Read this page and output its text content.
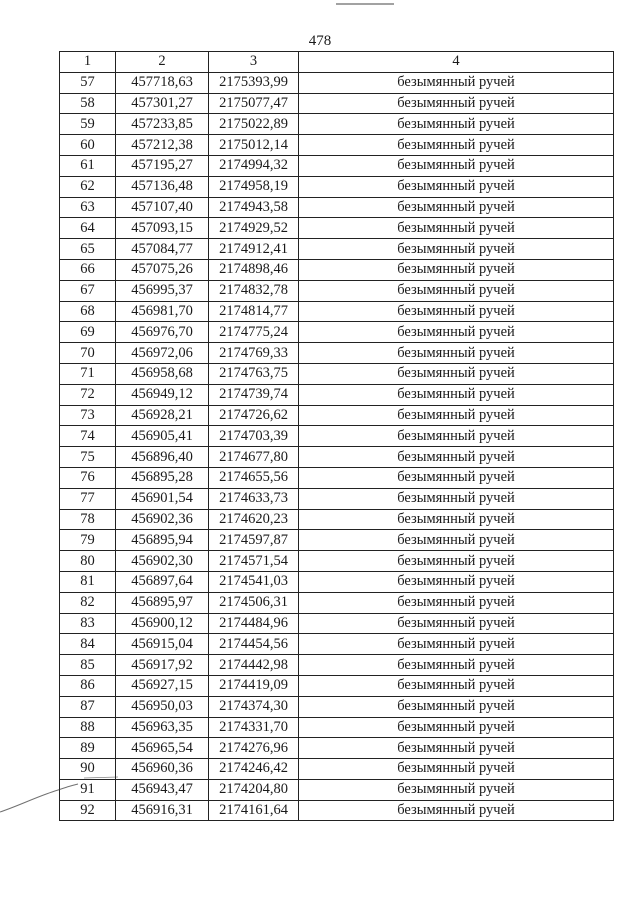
478
1	2	3	4
57	457718,63	2175393,99	безымянный ручей
58	457301,27	2175077,47	безымянный ручей
59	457233,85	2175022,89	безымянный ручей
60	457212,38	2175012,14	безымянный ручей
61	457195,27	2174994,32	безымянный ручей
62	457136,48	2174958,19	безымянный ручей
63	457107,40	2174943,58	безымянный ручей
64	457093,15	2174929,52	безымянный ручей
65	457084,77	2174912,41	безымянный ручей
66	457075,26	2174898,46	безымянный ручей
67	456995,37	2174832,78	безымянный ручей
68	456981,70	2174814,77	безымянный ручей
69	456976,70	2174775,24	безымянный ручей
70	456972,06	2174769,33	безымянный ручей
71	456958,68	2174763,75	безымянный ручей
72	456949,12	2174739,74	безымянный ручей
73	456928,21	2174726,62	безымянный ручей
74	456905,41	2174703,39	безымянный ручей
75	456896,40	2174677,80	безымянный ручей
76	456895,28	2174655,56	безымянный ручей
77	456901,54	2174633,73	безымянный ручей
78	456902,36	2174620,23	безымянный ручей
79	456895,94	2174597,87	безымянный ручей
80	456902,30	2174571,54	безымянный ручей
81	456897,64	2174541,03	безымянный ручей
82	456895,97	2174506,31	безымянный ручей
83	456900,12	2174484,96	безымянный ручей
84	456915,04	2174454,56	безымянный ручей
85	456917,92	2174442,98	безымянный ручей
86	456927,15	2174419,09	безымянный ручей
87	456950,03	2174374,30	безымянный ручей
88	456963,35	2174331,70	безымянный ручей
89	456965,54	2174276,96	безымянный ручей
90	456960,36	2174246,42	безымянный ручей
91	456943,47	2174204,80	безымянный ручей
92	456916,31	2174161,64	безымянный ручей
